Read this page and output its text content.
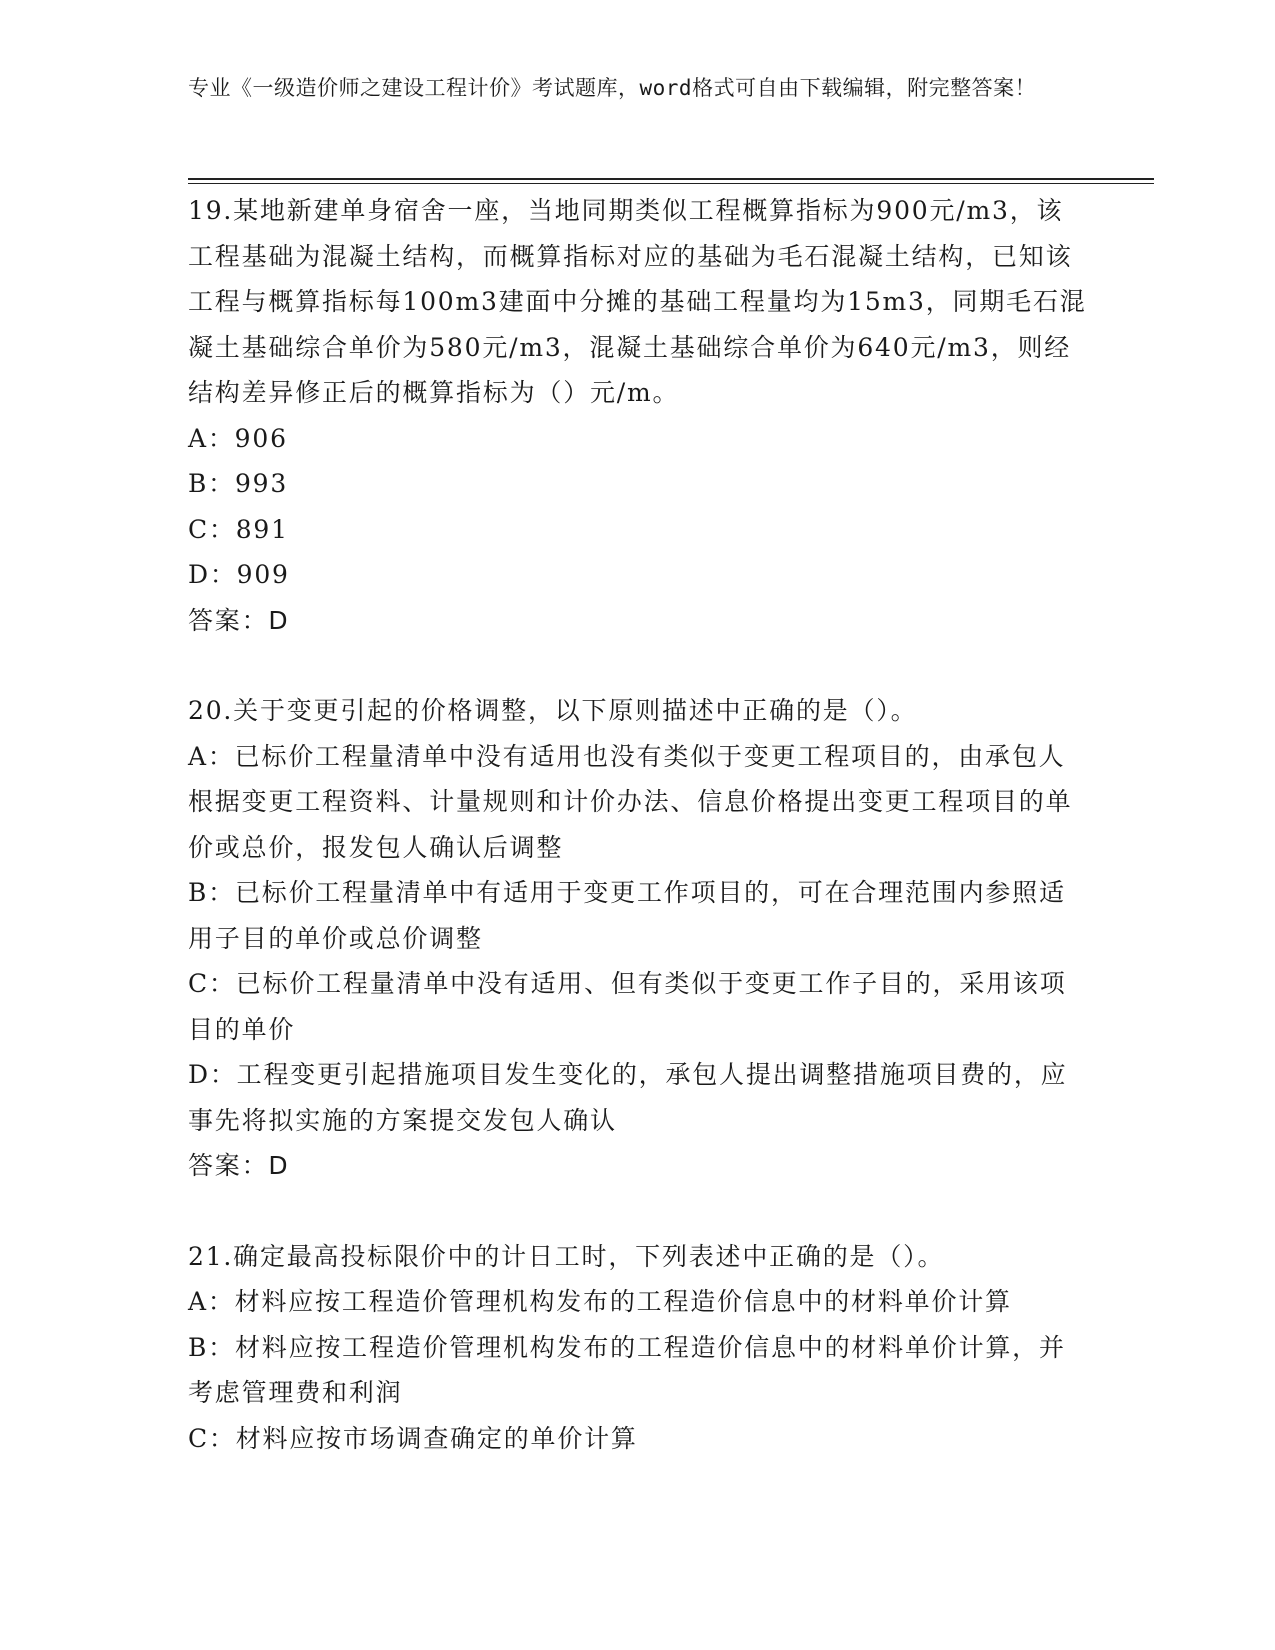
专业《一级造价师之建设工程计价》考试题库，word格式可自由下载编辑，附完整答案！

19.某地新建单身宿舍一座，当地同期类似工程概算指标为900元/m3，该工程基础为混凝土结构，而概算指标对应的基础为毛石混凝土结构，已知该工程与概算指标每100m3建面中分摊的基础工程量均为15m3，同期毛石混凝土基础综合单价为580元/m3，混凝土基础综合单价为640元/m3，则经结构差异修正后的概算指标为（）元/m。

A：906

B：993

C：891

D：909

答案：D

20.关于变更引起的价格调整，以下原则描述中正确的是（）。

A：已标价工程量清单中没有适用也没有类似于变更工程项目的，由承包人根据变更工程资料、计量规则和计价办法、信息价格提出变更工程项目的单价或总价，报发包人确认后调整

B：已标价工程量清单中有适用于变更工作项目的，可在合理范围内参照适用子目的单价或总价调整

C：已标价工程量清单中没有适用、但有类似于变更工作子目的，采用该项目的单价

D：工程变更引起措施项目发生变化的，承包人提出调整措施项目费的，应事先将拟实施的方案提交发包人确认

答案：D

21.确定最高投标限价中的计日工时，下列表述中正确的是（）。

A：材料应按工程造价管理机构发布的工程造价信息中的材料单价计算

B：材料应按工程造价管理机构发布的工程造价信息中的材料单价计算，并考虑管理费和利润

C：材料应按市场调查确定的单价计算
